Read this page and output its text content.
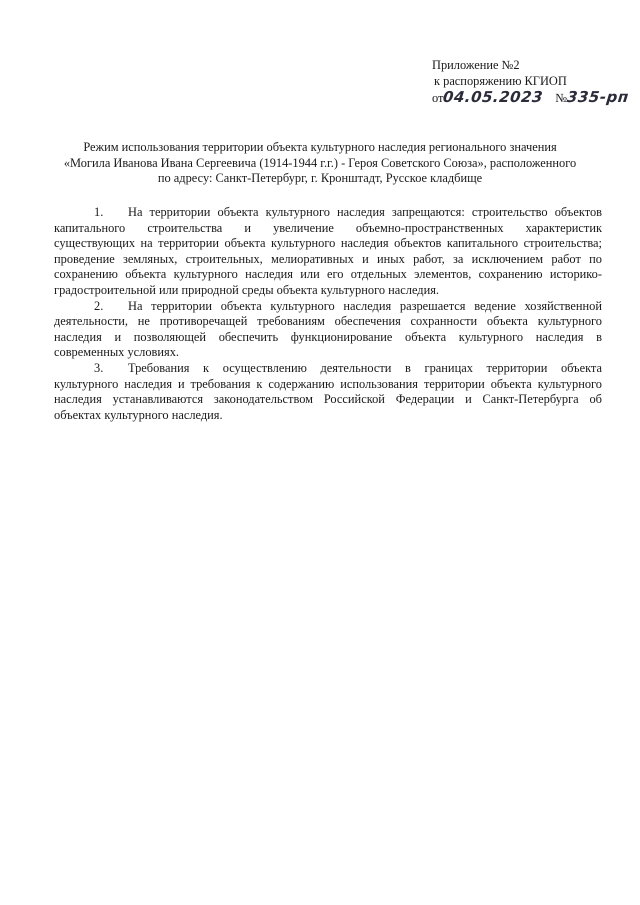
Приложение №2
к распоряжению КГИОП
от04.05.2023 №335-рп
Режим использования территории объекта культурного наследия регионального значения
«Могила Иванова Ивана Сергеевича (1914-1944 г.г.) - Героя Советского Союза», расположенного
по адресу: Санкт-Петербург, г. Кронштадт, Русское кладбище
1. На территории объекта культурного наследия запрещаются: строительство объектов
капитального строительства и увеличение объемно-пространственных характеристик
существующих на территории объекта культурного наследия объектов капитального строительства;
проведение земляных, строительных, мелиоративных и иных работ, за исключением работ по
сохранению объекта культурного наследия или его отдельных элементов, сохранению историко-
градостроительной или природной среды объекта культурного наследия.
2. На территории объекта культурного наследия разрешается ведение хозяйственной
деятельности, не противоречащей требованиям обеспечения сохранности объекта культурного
наследия и позволяющей обеспечить функционирование объекта культурного наследия в
современных условиях.
3. Требования к осуществлению деятельности в границах территории объекта
культурного наследия и требования к содержанию использования территории объекта культурного
наследия устанавливаются законодательством Российской Федерации и Санкт-Петербурга об
объектах культурного наследия.
